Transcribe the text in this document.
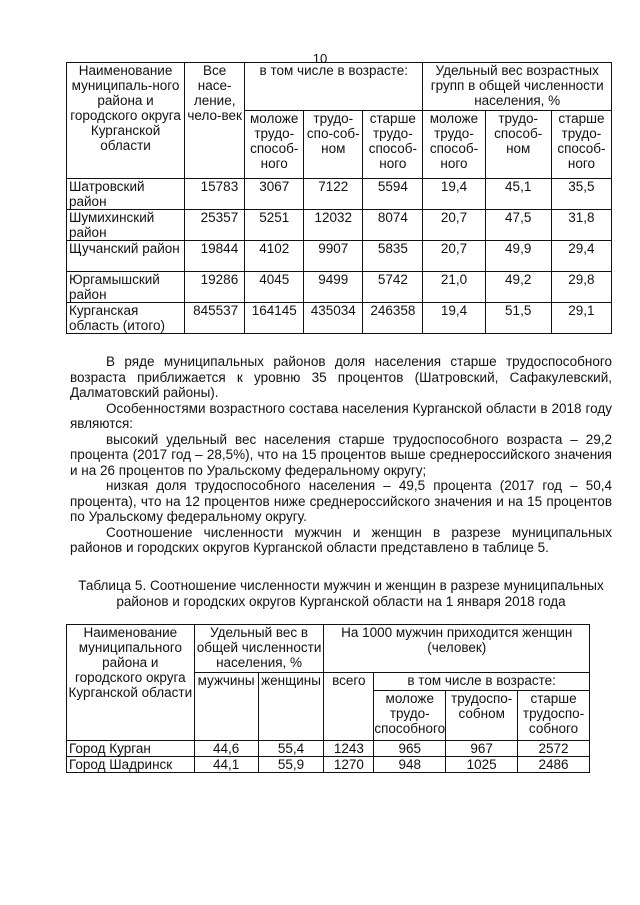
10
Наименование муниципаль-ного района и городского округа Курганской области	Все насе-ление, чело-век	в том числе в возрасте:			Удельный вес возрастных групп в общей численности населения, %		
		моложе трудо-способ-ного	трудо-спо-соб-ном	старше трудо-способ-ного	моложе трудо-способ-ного	трудо-способ-ном	старше трудо-способ-ного
Шатровский район	15783	3067	7122	5594	19,4	45,1	35,5
Шумихинский район	25357	5251	12032	8074	20,7	47,5	31,8
Щучанский район	19844	4102	9907	5835	20,7	49,9	29,4
Юргамышский район	19286	4045	9499	5742	21,0	49,2	29,8
Курганская область (итого)	845537	164145	435034	246358	19,4	51,5	29,1

В ряде муниципальных районов доля населения старше трудоспособного возраста приближается к уровню 35 процентов (Шатровский, Сафакулевский, Далматовский районы).

Особенностями возрастного состава населения Курганской области в 2018 году являются:

высокий удельный вес населения старше трудоспособного возраста – 29,2 процента (2017 год – 28,5%), что на 15 процентов выше среднероссийского значения и на 26 процентов по Уральскому федеральному округу;

низкая доля трудоспособного населения – 49,5 процента (2017 год – 50,4 процента), что на 12 процентов ниже среднероссийского значения и на 15 процентов по Уральскому федеральному округу.

Соотношение численности мужчин и женщин в разрезе муниципальных районов и городских округов Курганской области представлено в таблице 5.

Таблица 5. Соотношение численности мужчин и женщин в разрезе муниципальных районов и городских округов Курганской области на 1 января 2018 года
Наименование муниципального района и городского округа Курганской области	Удельный вес в общей численности населения, %		На 1000 мужчин приходится женщин (человек)			
	мужчины	женщины	всего	в том числе в возрасте:		
				моложе трудо-способного	трудоспо-собном	старше трудоспо-собного
Город Курган	44,6	55,4	1243	965	967	2572
Город Шадринск	44,1	55,9	1270	948	1025	2486
